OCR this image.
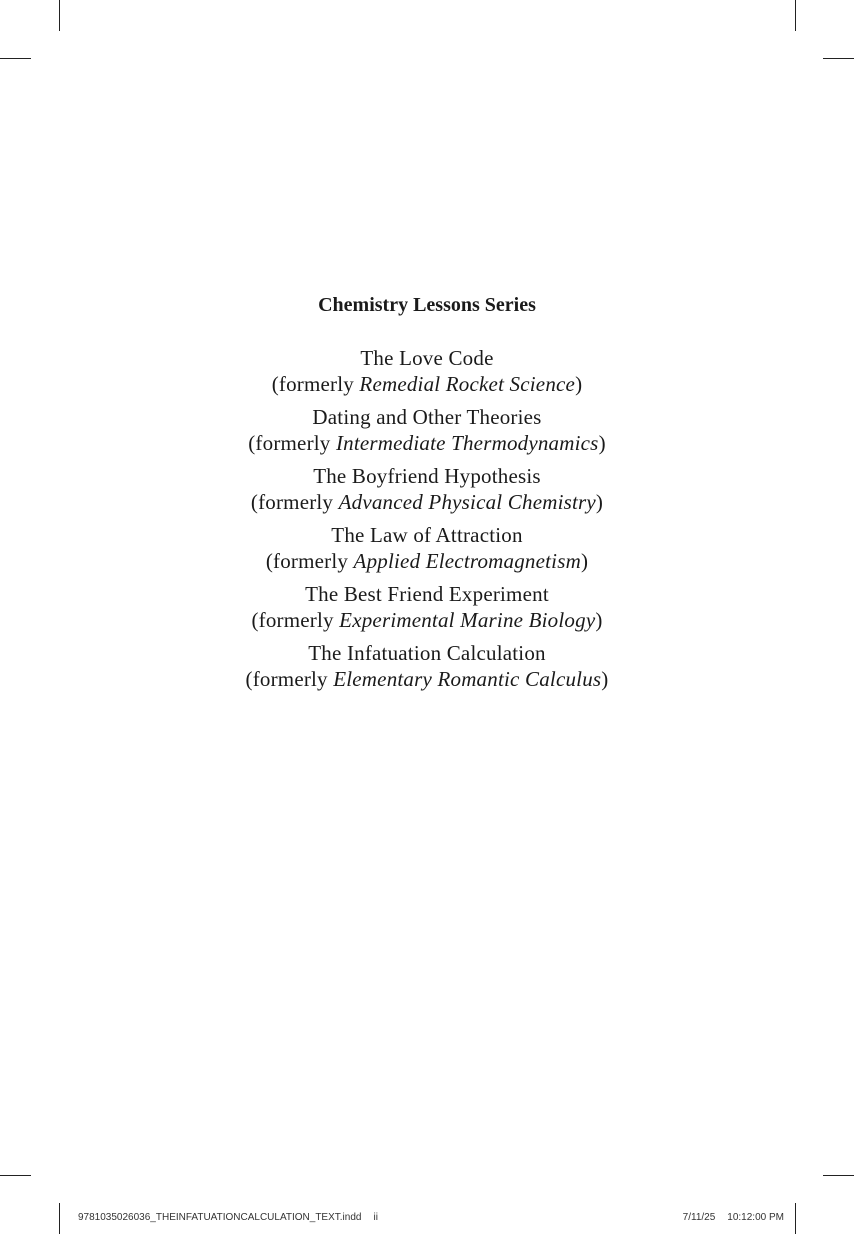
Chemistry Lessons Series
The Love Code
(formerly Remedial Rocket Science)
Dating and Other Theories
(formerly Intermediate Thermodynamics)
The Boyfriend Hypothesis
(formerly Advanced Physical Chemistry)
The Law of Attraction
(formerly Applied Electromagnetism)
The Best Friend Experiment
(formerly Experimental Marine Biology)
The Infatuation Calculation
(formerly Elementary Romantic Calculus)
9781035026036_THEINFATUATIONCALCULATION_TEXT.indd ii	7/11/25 10:12:00 PM
